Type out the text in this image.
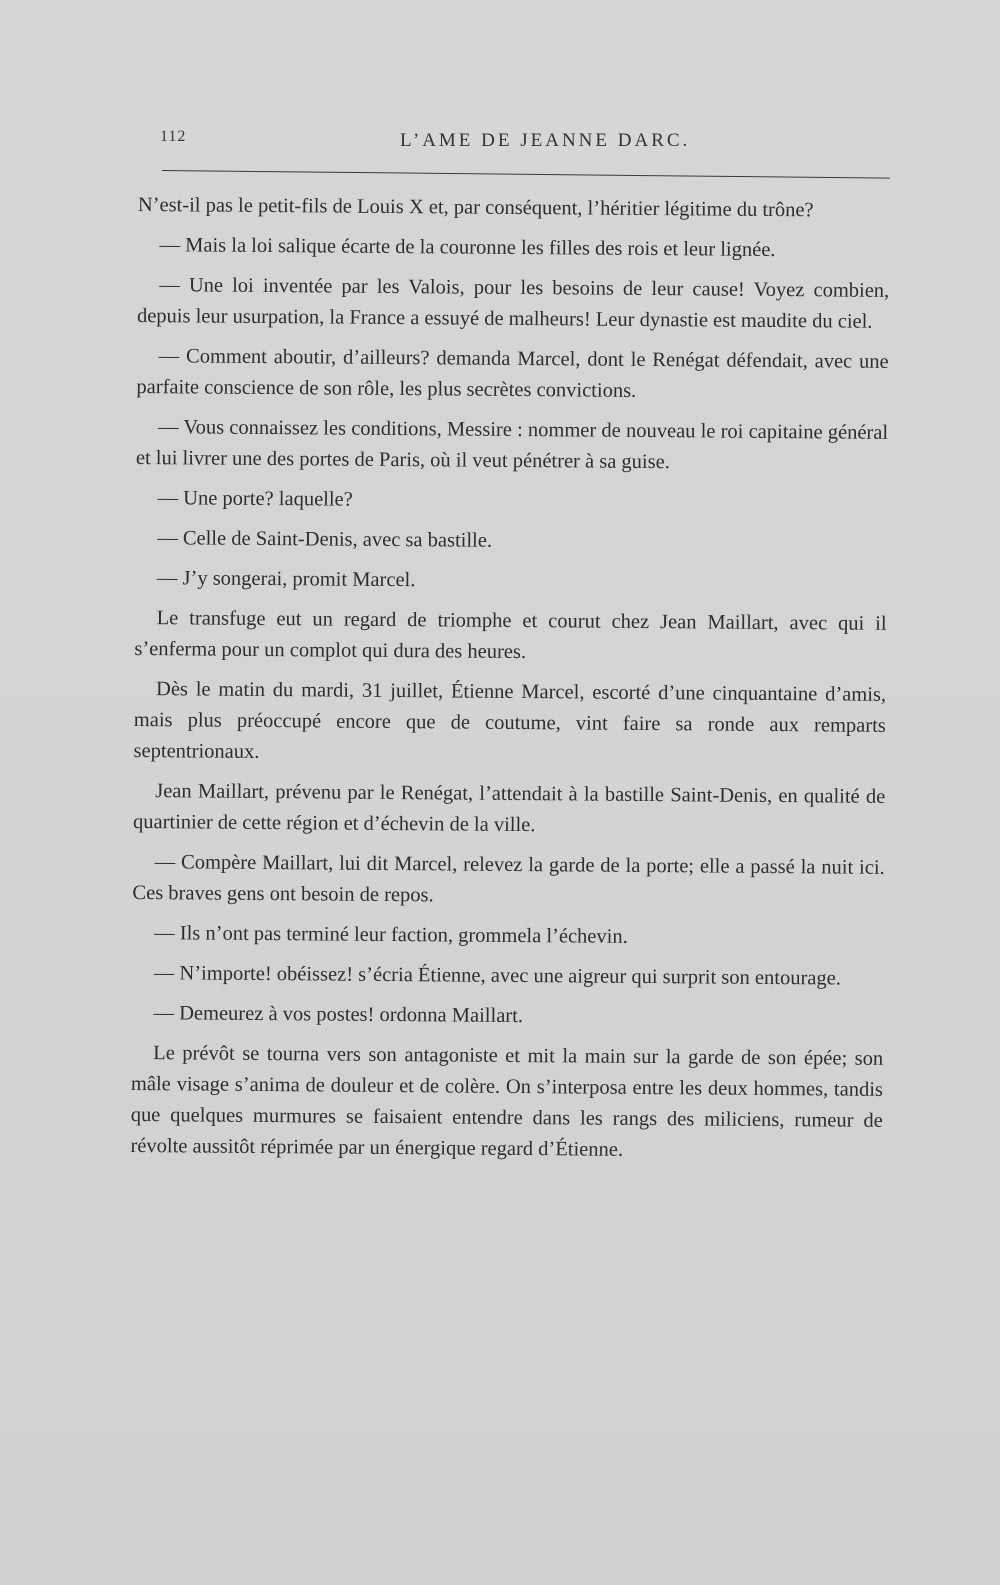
112	L’AME DE JEANNE DARC.

N’est-il pas le petit-fils de Louis X et, par conséquent, l’héritier légitime du trône?

— Mais la loi salique écarte de la couronne les filles des rois et leur lignée.

— Une loi inventée par les Valois, pour les besoins de leur cause! Voyez combien, depuis leur usurpation, la France a essuyé de malheurs! Leur dynastie est maudite du ciel.

— Comment aboutir, d’ailleurs? demanda Marcel, dont le Renégat défendait, avec une parfaite conscience de son rôle, les plus secrètes convictions.

— Vous connaissez les conditions, Messire : nommer de nouveau le roi capitaine général et lui livrer une des portes de Paris, où il veut pénétrer à sa guise.

— Une porte? laquelle?

— Celle de Saint-Denis, avec sa bastille.

— J’y songerai, promit Marcel.

Le transfuge eut un regard de triomphe et courut chez Jean Maillart, avec qui il s’enferma pour un complot qui dura des heures.

Dès le matin du mardi, 31 juillet, Étienne Marcel, escorté d’une cinquantaine d’amis, mais plus préoccupé encore que de coutume, vint faire sa ronde aux remparts septentrionaux.

Jean Maillart, prévenu par le Renégat, l’attendait à la bastille Saint-Denis, en qualité de quartinier de cette région et d’échevin de la ville.

— Compère Maillart, lui dit Marcel, relevez la garde de la porte; elle a passé la nuit ici. Ces braves gens ont besoin de repos.

— Ils n’ont pas terminé leur faction, grommela l’échevin.

— N’importe! obéissez! s’écria Étienne, avec une aigreur qui surprit son entourage.

— Demeurez à vos postes! ordonna Maillart.

Le prévôt se tourna vers son antagoniste et mit la main sur la garde de son épée; son mâle visage s’anima de douleur et de colère. On s’interposa entre les deux hommes, tandis que quelques murmures se faisaient entendre dans les rangs des miliciens, rumeur de révolte aussitôt réprimée par un énergique regard d’Étienne.
